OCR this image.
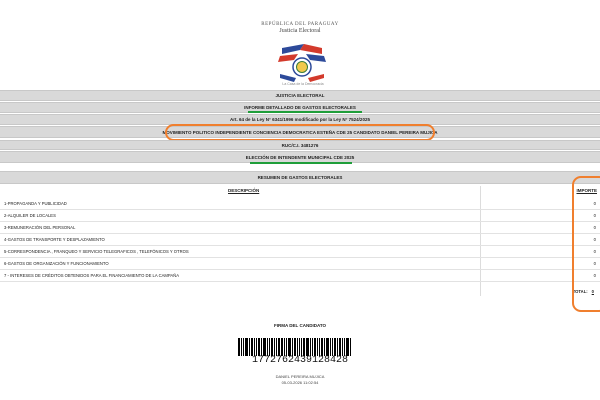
REPÚBLICA DEL PARAGUAY
Justicia Electoral
La Casa de la Democracia
JUSTICIA ELECTORAL
INFORME DETALLADO DE GASTOS ELECTORALES
Art. 64 de la Ley N° 6341/1996 modificado por la Ley N° 7524/2025
MOVIMIENTO POLITICO INDEPENDIENTE CONCIENCIA DEMOCRATICA ESTEÑA CDE 25 CANDIDATO DANIEL PEREIRA MUJICA
RUC/C.I. 3481276
ELECCIÓN DE INTENDENTE MUNICIPAL CDE 2025
RESUMEN DE GASTOS ELECTORALES
DESCRIPCIÓN	IMPORTE
1-PROPAGANDA Y PUBLICIDAD	0
2-ALQUILER DE LOCALES	0
3-REMUNERACIÓN DEL PERSONAL	0
4-GASTOS DE TRANSPORTE Y DESPLAZAMIENTO	0
5-CORRESPONDENCIA , FRANQUEO Y SERVICIO TELEGRAFICOS , TELEFÓNICOS Y OTROS	0
6-GASTOS DE ORGANIZACIÓN Y FUNCIONAMIENTO	0
7 - INTERESES DE CRÉDITOS OBTENIDOS PARA EL FINANCIAMIENTO DE LA CAMPAÑA	0
TOTAL: 0
FIRMA DEL CANDIDATO
1772762439128428
DANIEL PEREIRA MUJICA
05-03-2026 11:02:54
